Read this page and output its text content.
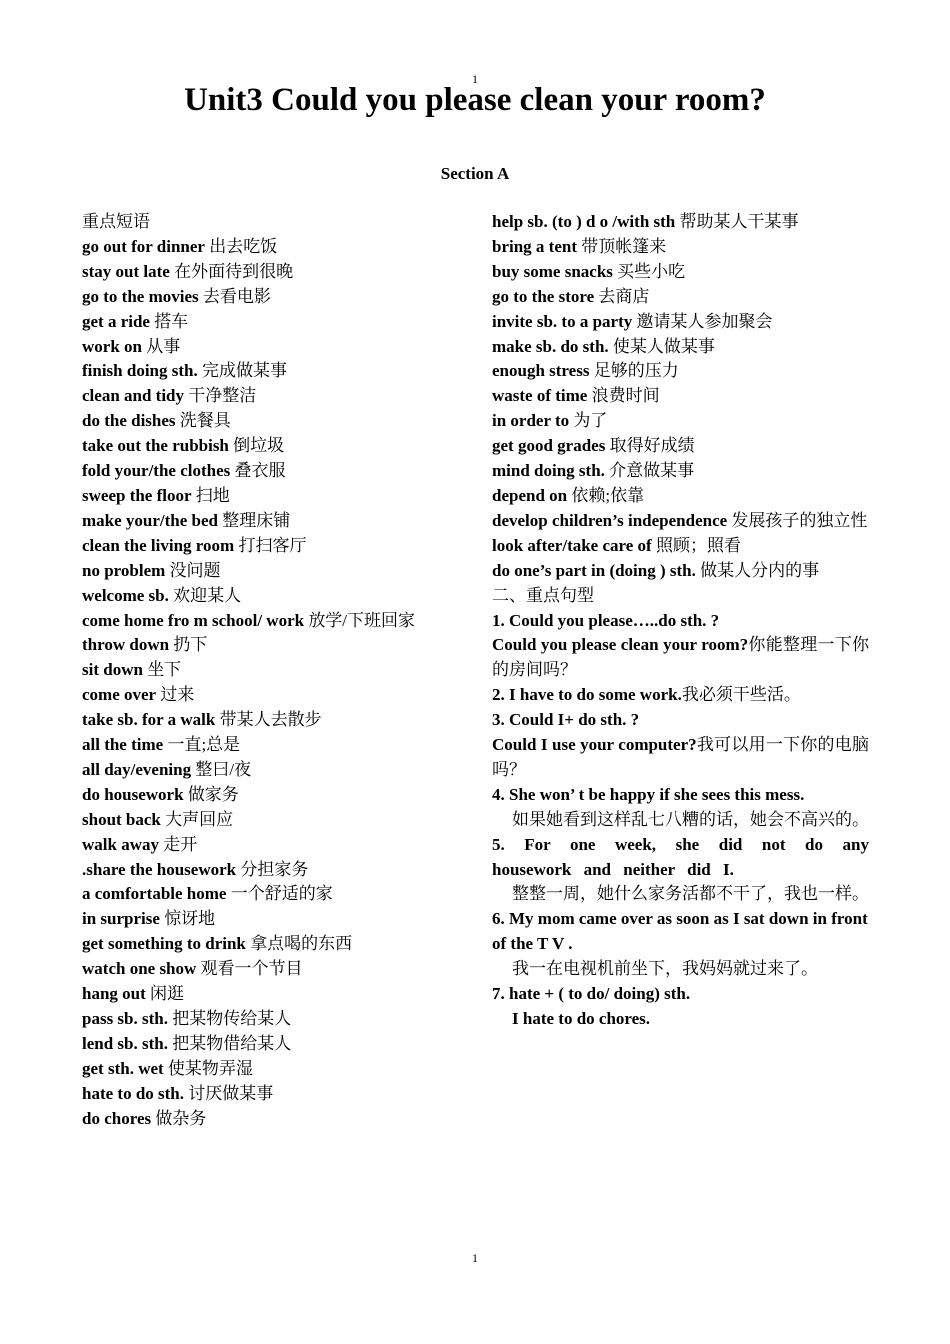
1
Unit3 Could you please clean your room?
Section A
重点短语
go out for dinner 出去吃饭
stay out late 在外面待到很晚
go to the movies 去看电影
get a ride 搭车
work on 从事
finish doing sth. 完成做某事
clean and tidy 干净整洁
do the dishes 洗餐具
take out the rubbish 倒垃圾
fold your/the clothes 叠衣服
sweep the floor 扫地
make your/the bed 整理床铺
clean the living room 打扫客厅
no problem 没问题
welcome sb. 欢迎某人
come home fro m school/ work 放学/下班回家
throw down 扔下
sit down 坐下
come over 过来
take sb. for a walk 带某人去散步
all the time 一直;总是
all day/evening 整曰/夜
do housework 做家务
shout back 大声回应
walk away 走开
.share the housework 分担家务
a comfortable home 一个舒适的家
in surprise 惊讶地
get something to drink 拿点喝的东西
watch one show 观看一个节目
hang out 闲逛
pass sb. sth. 把某物传给某人
lend sb. sth. 把某物借给某人
get sth. wet 使某物弄湿
hate to do sth. 讨厌做某事
do chores 做杂务
help sb. (to ) d o /with sth 帮助某人干某事
bring a tent 带顶帐篷来
buy some snacks 买些小吃
go to the store 去商店
invite sb. to a party 邀请某人参加聚会
make sb. do sth. 使某人做某事
enough stress 足够的压力
waste of time 浪费时间
in order to 为了
get good grades 取得好成绩
mind doing sth. 介意做某事
depend on 依赖;依靠
develop children’s independence 发展孩子的独立性
look after/take care of 照顾；照看
do one’s part in (doing ) sth. 做某人分内的事
二、重点句型
1. Could you please…..do sth. ?
Could you please clean your room?你能整理一下你的房间吗？
2. I have to do some work.我必须干些活。
3. Could I+ do sth. ?
Could I use your computer?我可以用一下你的电脑吗？
4. She won’ t be happy if she sees this mess.
如果她看到这样乱七八糟的话，她会不高兴的。
5. For one week, she did not do any housework and neither did I.
整整一周，她什么家务活都不干了，我也一样。
6. My mom came over as soon as I sat down in front of the T V .
我一在电视机前坐下，我妈妈就过来了。
7. hate + ( to do/ doing) sth.
I hate to do chores.
1
